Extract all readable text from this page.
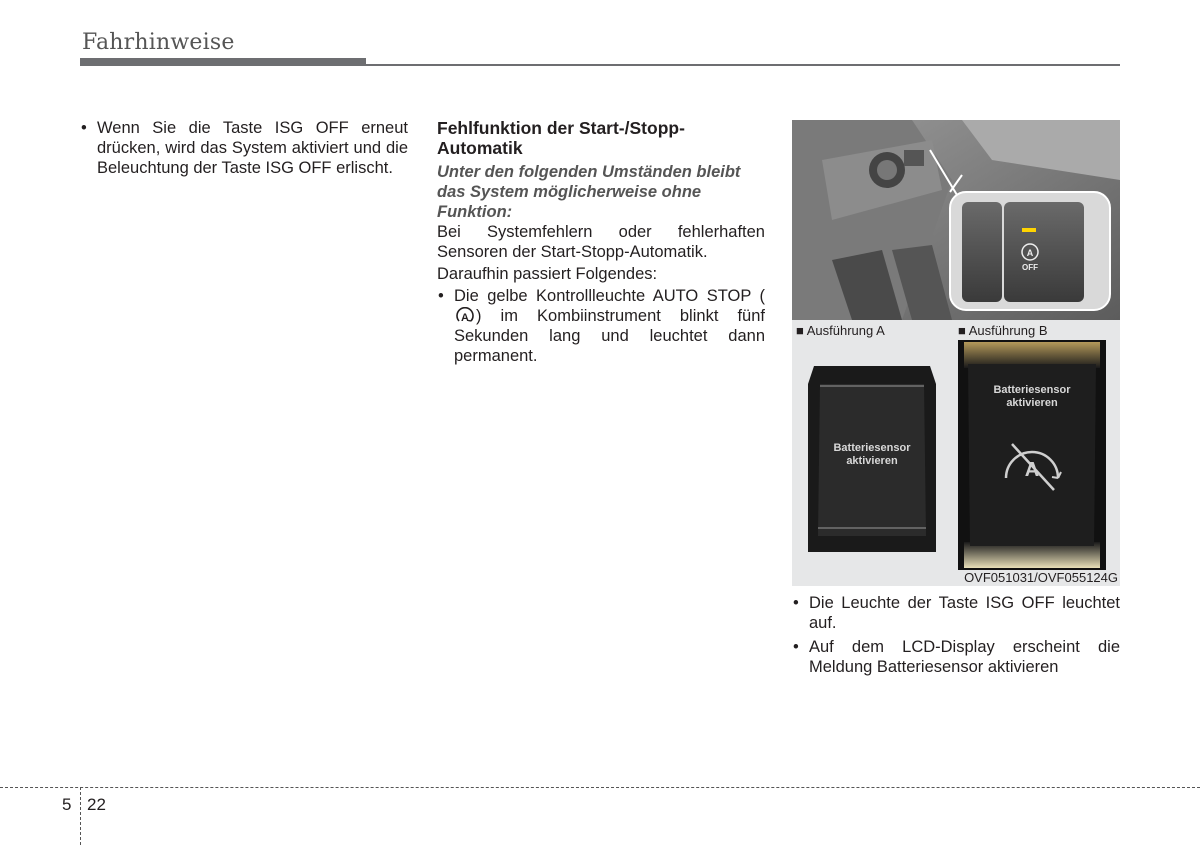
Fahrhinweise

• Wenn Sie die Taste ISG OFF erneut drücken, wird das System aktiviert und die Beleuchtung der Taste ISG OFF erlischt.

Fehlfunktion der Start-/Stopp-Automatik

Unter den folgenden Umständen bleibt das System möglicherweise ohne Funktion:

Bei Systemfehlern oder fehlerhaften Sensoren der Start-Stopp-Automatik.

Daraufhin passiert Folgendes:

• Die gelbe Kontrollleuchte AUTO STOP (
A ) im Kombiinstrument blinkt fünf Sekunden lang und leuchtet dann permanent.

A
OFF
■ Ausführung A	■ Ausführung B
Batteriesensor
aktivieren	A
Batteriesensor
aktivieren
OVF051031/OVF055124G

• Die Leuchte der Taste ISG OFF leuchtet auf.

• Auf dem LCD-Display erscheint die Meldung Batteriesensor aktivieren

5 22
